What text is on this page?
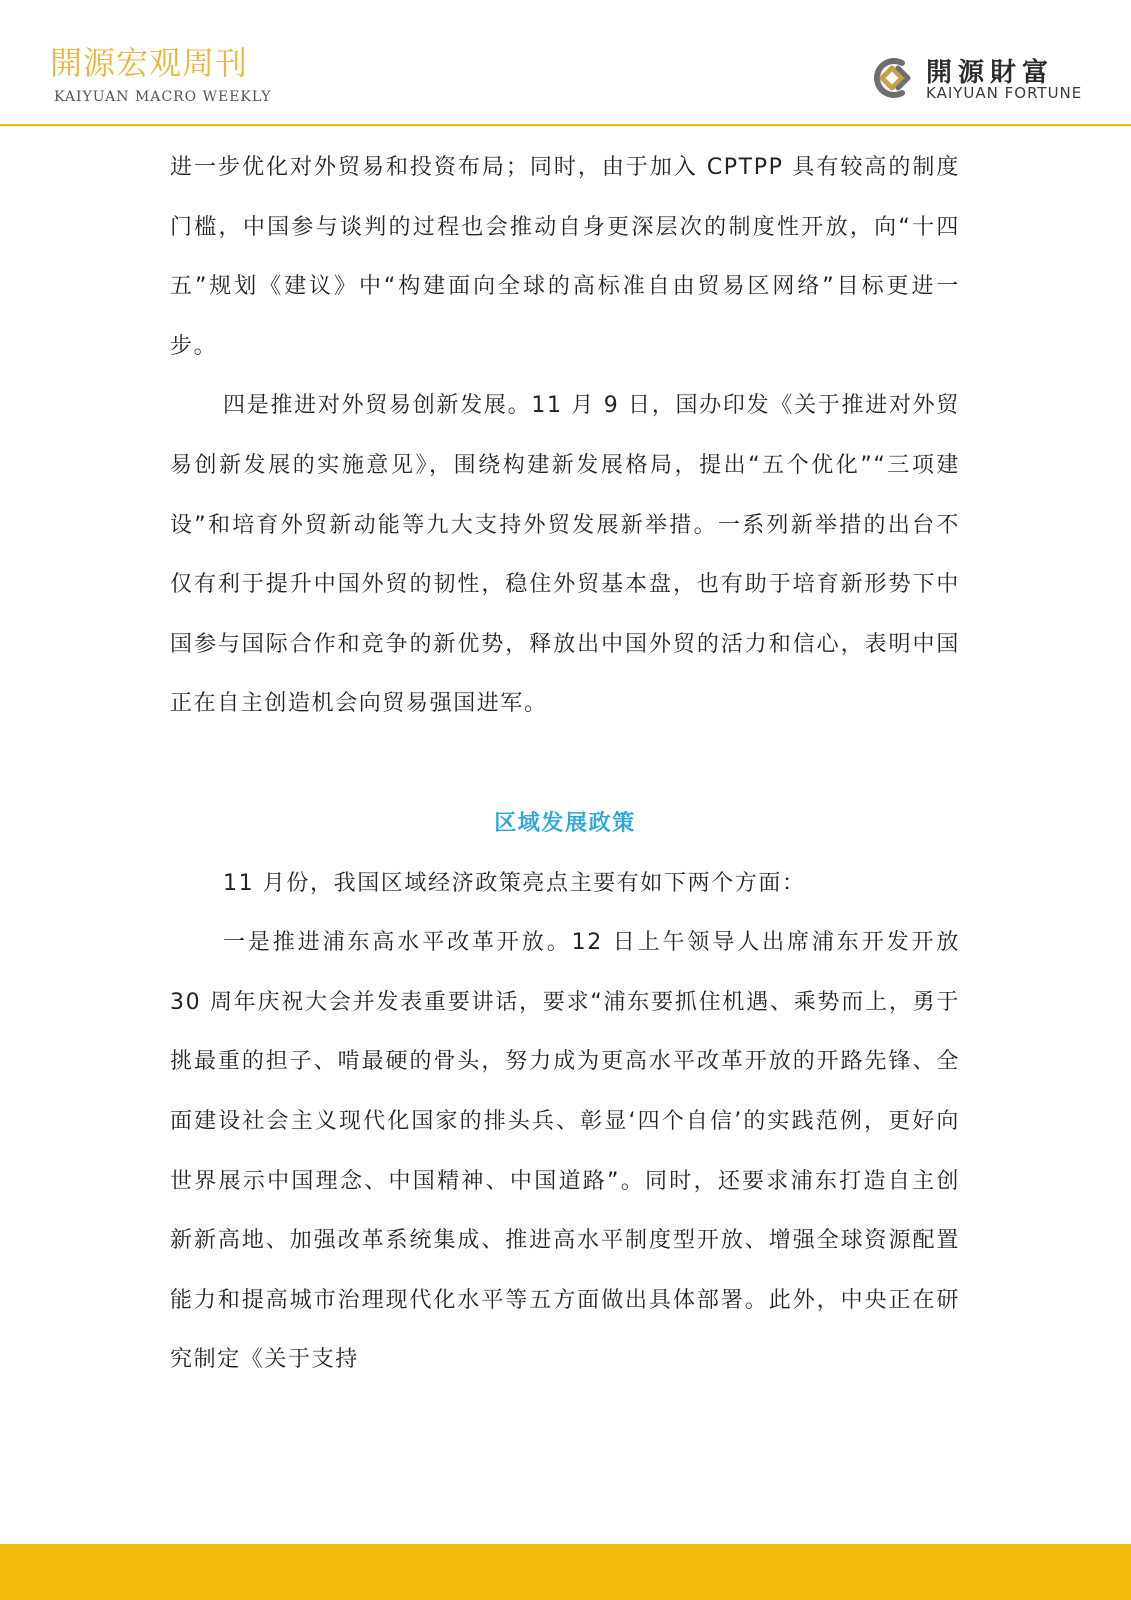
開源宏观周刊
KAIYUAN MACRO WEEKLY
開源財富
KAIYUAN FORTUNE

进一步优化对外贸易和投资布局；同时，由于加入 CPTPP 具有较高的制度门槛，中国参与谈判的过程也会推动自身更深层次的制度性开放，向“十四五”规划《建议》中“构建面向全球的高标准自由贸易区网络”目标更进一步。

四是推进对外贸易创新发展。11 月 9 日，国办印发《关于推进对外贸易创新发展的实施意见》，围绕构建新发展格局，提出“五个优化”“三项建设”和培育外贸新动能等九大支持外贸发展新举措。一系列新举措的出台不仅有利于提升中国外贸的韧性，稳住外贸基本盘，也有助于培育新形势下中国参与国际合作和竞争的新优势，释放出中国外贸的活力和信心，表明中国正在自主创造机会向贸易强国进军。

区域发展政策

11 月份，我国区域经济政策亮点主要有如下两个方面：

一是推进浦东高水平改革开放。12 日上午领导人出席浦东开发开放 30 周年庆祝大会并发表重要讲话，要求“浦东要抓住机遇、乘势而上，勇于挑最重的担子、啃最硬的骨头，努力成为更高水平改革开放的开路先锋、全面建设社会主义现代化国家的排头兵、彰显‘四个自信’的实践范例，更好向世界展示中国理念、中国精神、中国道路”。同时，还要求浦东打造自主创新新高地、加强改革系统集成、推进高水平制度型开放、增强全球资源配置能力和提高城市治理现代化水平等五方面做出具体部署。此外，中央正在研究制定《关于支持
